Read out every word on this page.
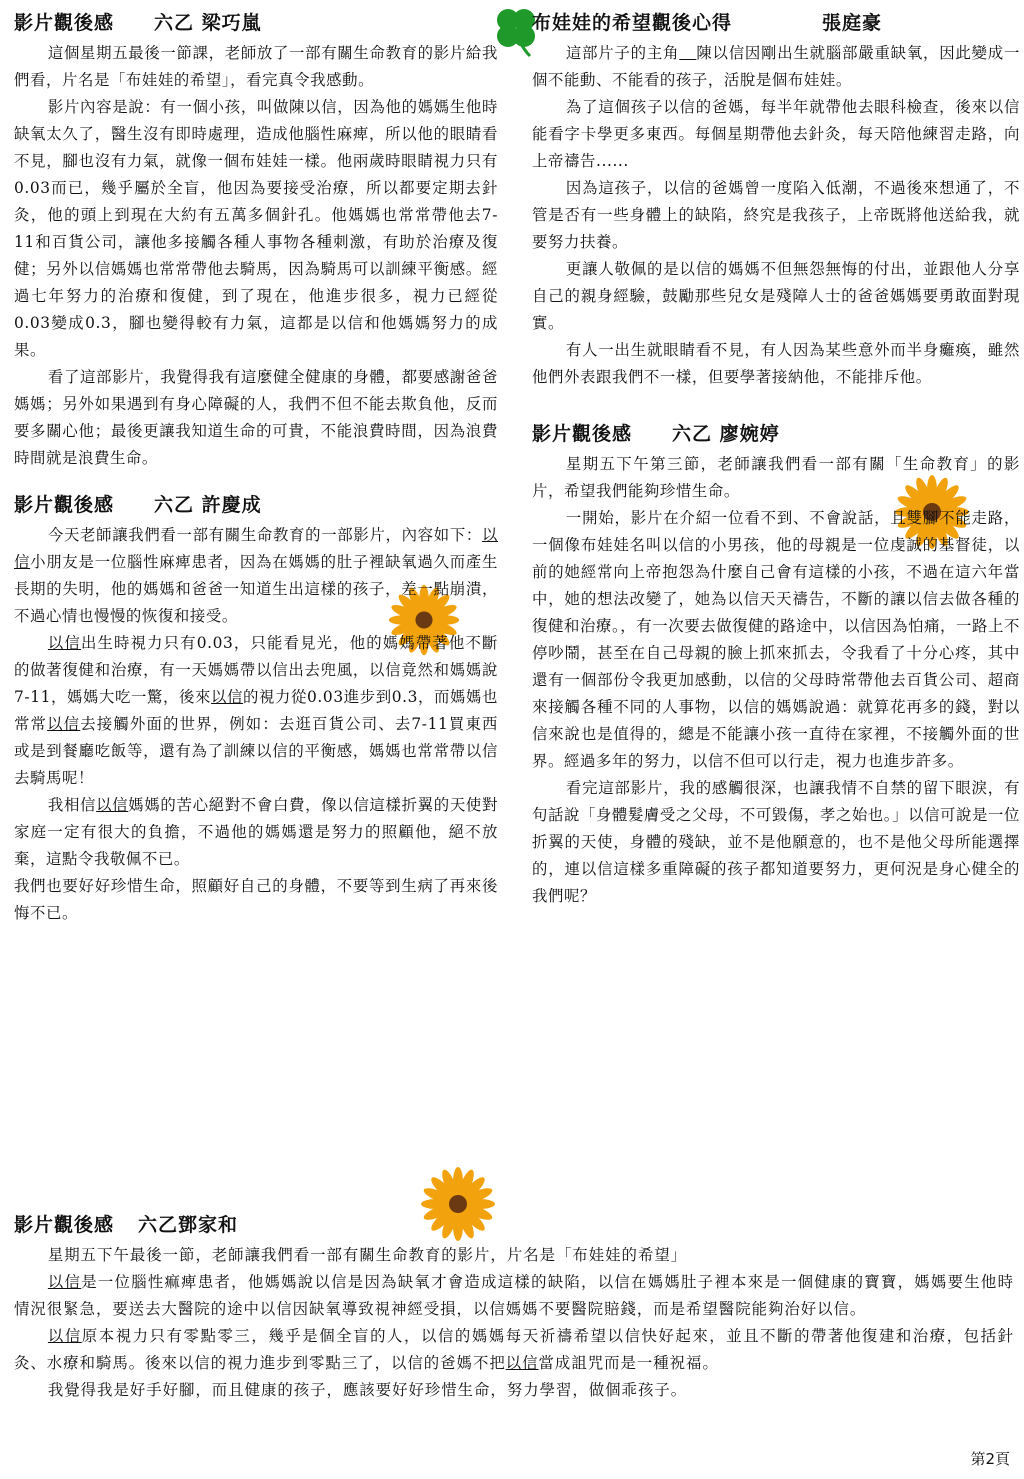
影片觀後感 六乙 梁巧嵐

這個星期五最後一節課，老師放了一部有關生命教育的影片給我們看，片名是「布娃娃的希望」，看完真令我感動。

影片內容是說：有一個小孩，叫做陳以信，因為他的媽媽生他時缺氧太久了，醫生沒有即時處理，造成他腦性麻痺，所以他的眼睛看不見，腳也沒有力氣，就像一個布娃娃一樣。他兩歲時眼睛視力只有0.03而已，幾乎屬於全盲，他因為要接受治療，所以都要定期去針灸，他的頭上到現在大約有五萬多個針孔。他媽媽也常常帶他去7-11和百貨公司，讓他多接觸各種人事物各種刺激，有助於治療及復健；另外以信媽媽也常常帶他去騎馬，因為騎馬可以訓練平衡感。經過七年努力的治療和復健，到了現在，他進步很多，視力已經從0.03變成0.3，腳也變得較有力氣，這都是以信和他媽媽努力的成果。

看了這部影片，我覺得我有這麼健全健康的身體，都要感謝爸爸媽媽；另外如果遇到有身心障礙的人，我們不但不能去欺負他，反而要多關心他；最後更讓我知道生命的可貴，不能浪費時間，因為浪費時間就是浪費生命。

影片觀後感 六乙 許慶成

今天老師讓我們看一部有關生命教育的一部影片，內容如下：以信小朋友是一位腦性麻痺患者，因為在媽媽的肚子裡缺氧過久而產生長期的失明，他的媽媽和爸爸一知道生出這樣的孩子，差一點崩潰，不過心情也慢慢的恢復和接受。

以信出生時視力只有0.03，只能看見光，他的媽媽帶著他不斷的做著復健和治療，有一天媽媽帶以信出去兜風，以信竟然和媽媽說7-11，媽媽大吃一驚，後來以信的視力從0.03進步到0.3，而媽媽也常常以信去接觸外面的世界，例如：去逛百貨公司、去7-11買東西或是到餐廳吃飯等，還有為了訓練以信的平衡感，媽媽也常常帶以信去騎馬呢！

我相信以信媽媽的苦心絕對不會白費，像以信這樣折翼的天使對家庭一定有很大的負擔，不過他的媽媽還是努力的照顧他，絕不放棄，這點令我敬佩不已。

我們也要好好珍惜生命，照顧好自己的身體，不要等到生病了再來後悔不已。

布娃娃的希望觀後心得	張庭豪

這部片子的主角 陳以信因剛出生就腦部嚴重缺氧，因此變成一個不能動、不能看的孩子，活脫是個布娃娃。

為了這個孩子以信的爸媽，每半年就帶他去眼科檢查，後來以信能看字卡學更多東西。每個星期帶他去針灸，每天陪他練習走路，向上帝禱告......

因為這孩子，以信的爸媽曾一度陷入低潮，不過後來想通了，不管是否有一些身體上的缺陷，終究是我孩子，上帝既將他送給我，就要努力扶養。

更讓人敬佩的是以信的媽媽不但無怨無悔的付出，並跟他人分享自己的親身經驗，鼓勵那些兒女是殘障人士的爸爸媽媽要勇敢面對現實。

有人一出生就眼睛看不見，有人因為某些意外而半身癱瘓，雖然他們外表跟我們不一樣，但要學著接納他，不能排斥他。

影片觀後感 六乙 廖婉婷

星期五下午第三節，老師讓我們看一部有關「生命教育」的影片，希望我們能夠珍惜生命。

一開始，影片在介紹一位看不到、不會說話，且雙腳不能走路，一個像布娃娃名叫以信的小男孩，他的母親是一位虔誠的基督徒，以前的她經常向上帝抱怨為什麼自己會有這樣的小孩，不過在這六年當中，她的想法改變了，她為以信天天禱告，不斷的讓以信去做各種的復健和治療。，有一次要去做復健的路途中，以信因為怕痛，一路上不停吵鬧，甚至在自己母親的臉上抓來抓去，令我看了十分心疼，其中還有一個部份令我更加感動，以信的父母時常帶他去百貨公司、超商來接觸各種不同的人事物，以信的媽媽說過：就算花再多的錢，對以信來說也是值得的，總是不能讓小孩一直待在家裡，不接觸外面的世界。經過多年的努力，以信不但可以行走，視力也進步許多。

看完這部影片，我的感觸很深，也讓我情不自禁的留下眼淚，有句話說「身體髮膚受之父母，不可毀傷，孝之始也。」以信可說是一位折翼的天使，身體的殘缺，並不是他願意的，也不是他父母所能選擇的，連以信這樣多重障礙的孩子都知道要努力，更何況是身心健全的我們呢？

影片觀後感 六乙鄧家和

星期五下午最後一節，老師讓我們看一部有關生命教育的影片，片名是「布娃娃的希望」

以信是一位腦性痲痺患者，他媽媽說以信是因為缺氧才會造成這樣的缺陷，以信在媽媽肚子裡本來是一個健康的寶寶，媽媽要生他時情況很緊急，要送去大醫院的途中以信因缺氧導致視神經受損，以信媽媽不要醫院賠錢，而是希望醫院能夠治好以信。

以信原本視力只有零點零三，幾乎是個全盲的人，以信的媽媽每天祈禱希望以信快好起來，並且不斷的帶著他復建和治療，包括針灸、水療和騎馬。後來以信的視力進步到零點三了，以信的爸媽不把以信當成詛咒而是一種祝福。

我覺得我是好手好腳，而且健康的孩子，應該要好好珍惜生命，努力學習，做個乖孩子。

第2頁
